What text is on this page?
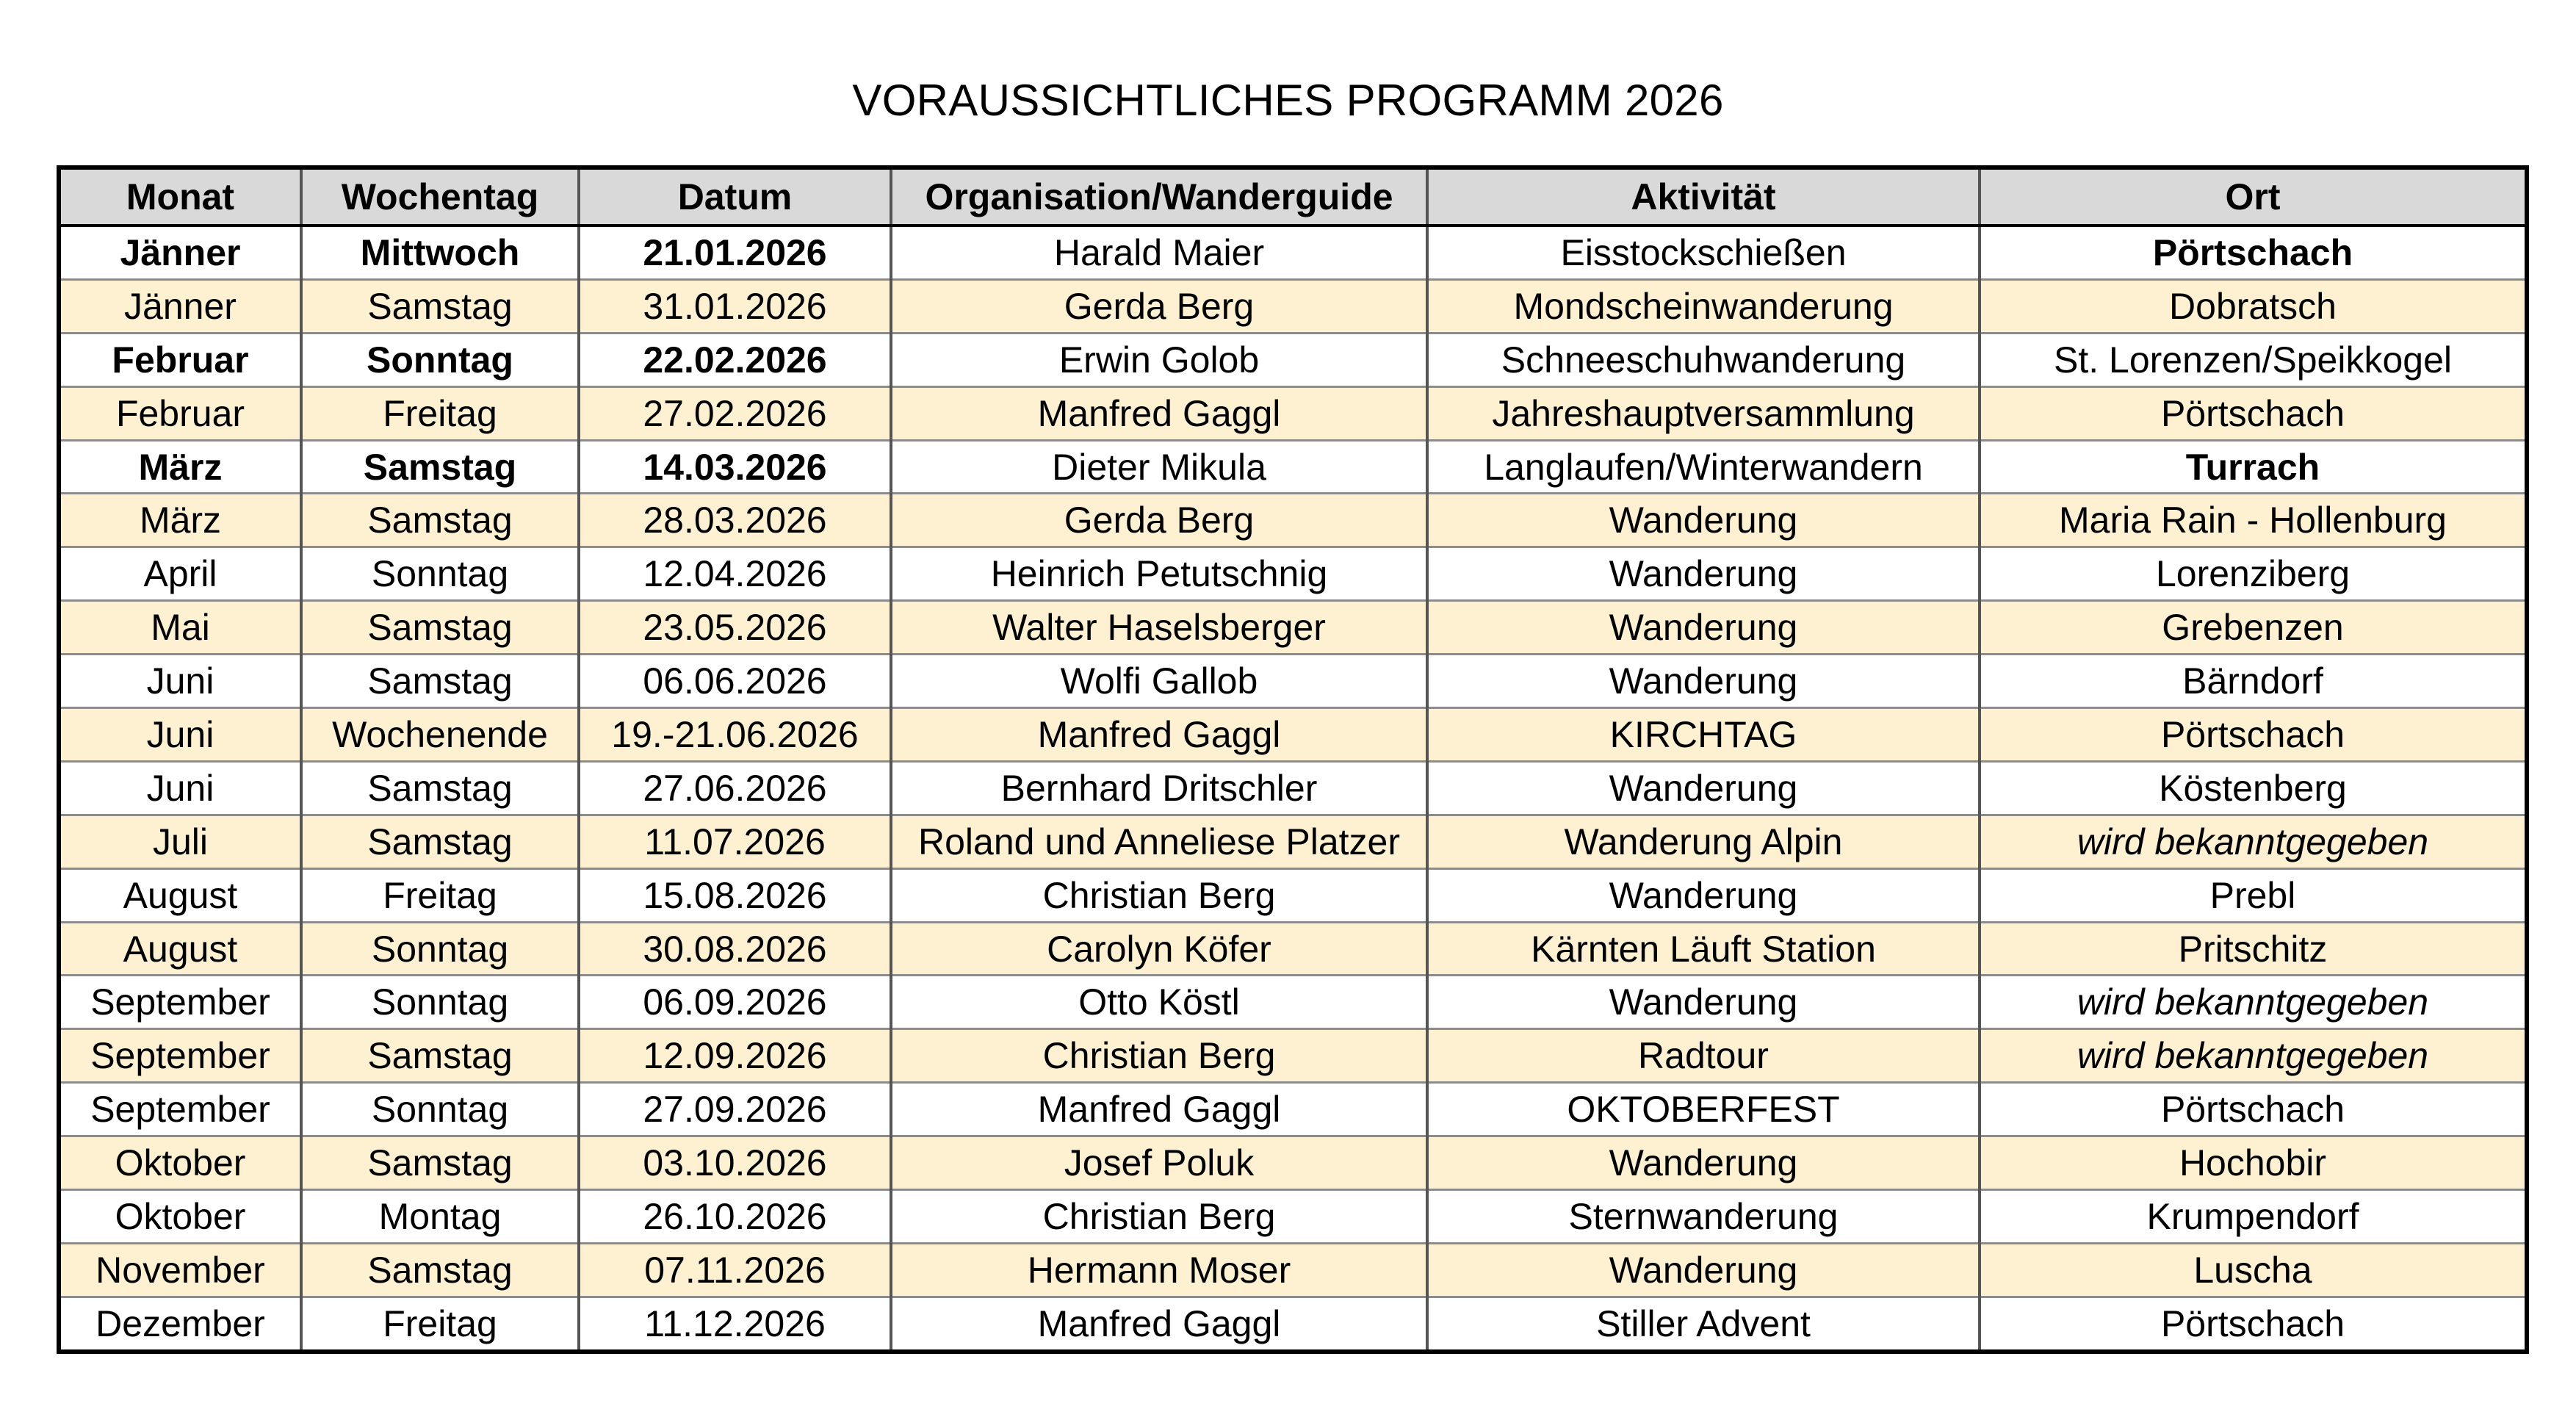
VORAUSSICHTLICHES PROGRAMM 2026
Monat	Wochentag	Datum	Organisation/Wanderguide	Aktivität	Ort
Jänner	Mittwoch	21.01.2026	Harald Maier	Eisstockschießen	Pörtschach
Jänner	Samstag	31.01.2026	Gerda Berg	Mondscheinwanderung	Dobratsch
Februar	Sonntag	22.02.2026	Erwin Golob	Schneeschuhwanderung	St. Lorenzen/Speikkogel
Februar	Freitag	27.02.2026	Manfred Gaggl	Jahreshauptversammlung	Pörtschach
März	Samstag	14.03.2026	Dieter Mikula	Langlaufen/Winterwandern	Turrach
März	Samstag	28.03.2026	Gerda Berg	Wanderung	Maria Rain - Hollenburg
April	Sonntag	12.04.2026	Heinrich Petutschnig	Wanderung	Lorenziberg
Mai	Samstag	23.05.2026	Walter Haselsberger	Wanderung	Grebenzen
Juni	Samstag	06.06.2026	Wolfi Gallob	Wanderung	Bärndorf
Juni	Wochenende	19.-21.06.2026	Manfred Gaggl	KIRCHTAG	Pörtschach
Juni	Samstag	27.06.2026	Bernhard Dritschler	Wanderung	Köstenberg
Juli	Samstag	11.07.2026	Roland und Anneliese Platzer	Wanderung Alpin	wird bekanntgegeben
August	Freitag	15.08.2026	Christian Berg	Wanderung	Prebl
August	Sonntag	30.08.2026	Carolyn Köfer	Kärnten Läuft Station	Pritschitz
September	Sonntag	06.09.2026	Otto Köstl	Wanderung	wird bekanntgegeben
September	Samstag	12.09.2026	Christian Berg	Radtour	wird bekanntgegeben
September	Sonntag	27.09.2026	Manfred Gaggl	OKTOBERFEST	Pörtschach
Oktober	Samstag	03.10.2026	Josef Poluk	Wanderung	Hochobir
Oktober	Montag	26.10.2026	Christian Berg	Sternwanderung	Krumpendorf
November	Samstag	07.11.2026	Hermann Moser	Wanderung	Luscha
Dezember	Freitag	11.12.2026	Manfred Gaggl	Stiller Advent	Pörtschach
